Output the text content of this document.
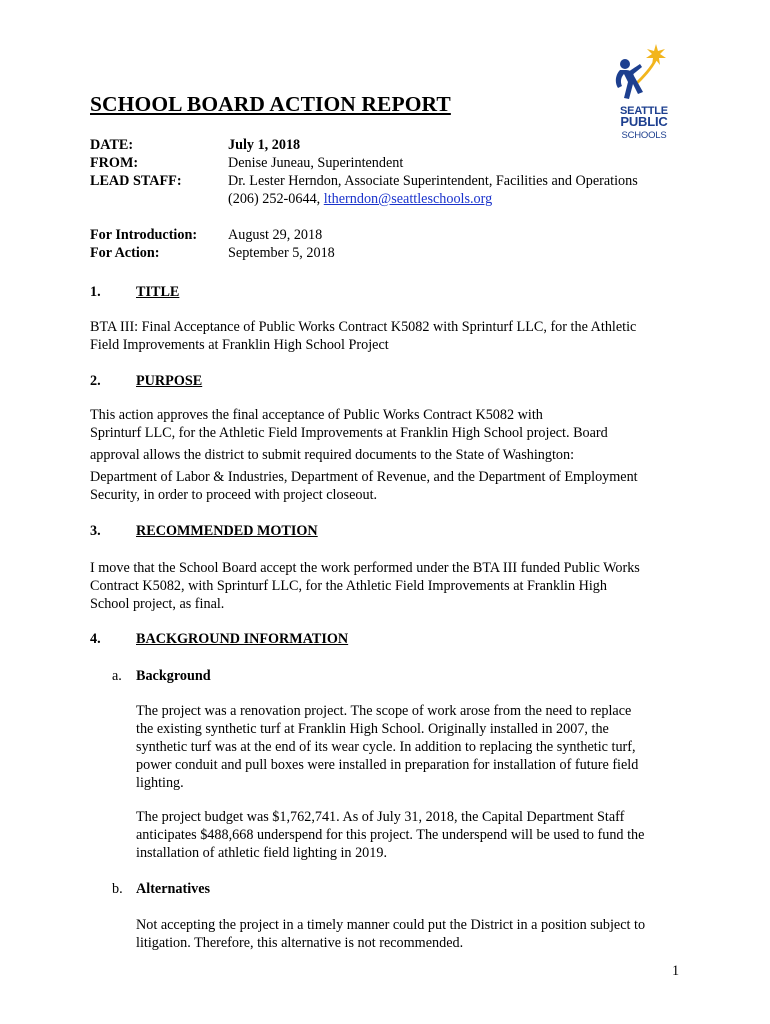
SEATTLE
PUBLIC
SCHOOLS
SCHOOL BOARD ACTION REPORT
DATE:	July 1, 2018
FROM:	Denise Juneau, Superintendent
LEAD STAFF:	Dr. Lester Herndon, Associate Superintendent, Facilities and Operations
(206) 252-0644, ltherndon@seattleschools.org
For Introduction: August 29, 2018
For Action:	September 5, 2018
1. TITLE
BTA III: Final Acceptance of Public Works Contract K5082 with Sprinturf LLC, for the Athletic
Field Improvements at Franklin High School Project
2. PURPOSE
This action approves the final acceptance of Public Works Contract K5082 with
Sprinturf LLC, for the Athletic Field Improvements at Franklin High School project. Board
approval allows the district to submit required documents to the State of Washington:
Department of Labor & Industries, Department of Revenue, and the Department of Employment
Security, in order to proceed with project closeout.
3. RECOMMENDED MOTION
I move that the School Board accept the work performed under the BTA III funded Public Works
Contract K5082, with Sprinturf LLC, for the Athletic Field Improvements at Franklin High
School project, as final.
4. BACKGROUND INFORMATION
a. Background
The project was a renovation project. The scope of work arose from the need to replace
the existing synthetic turf at Franklin High School. Originally installed in 2007, the
synthetic turf was at the end of its wear cycle. In addition to replacing the synthetic turf,
power conduit and pull boxes were installed in preparation for installation of future field
lighting.
The project budget was $1,762,741. As of July 31, 2018, the Capital Department Staff
anticipates $488,668 underspend for this project. The underspend will be used to fund the
installation of athletic field lighting in 2019.
b. Alternatives
Not accepting the project in a timely manner could put the District in a position subject to
litigation. Therefore, this alternative is not recommended.
1
